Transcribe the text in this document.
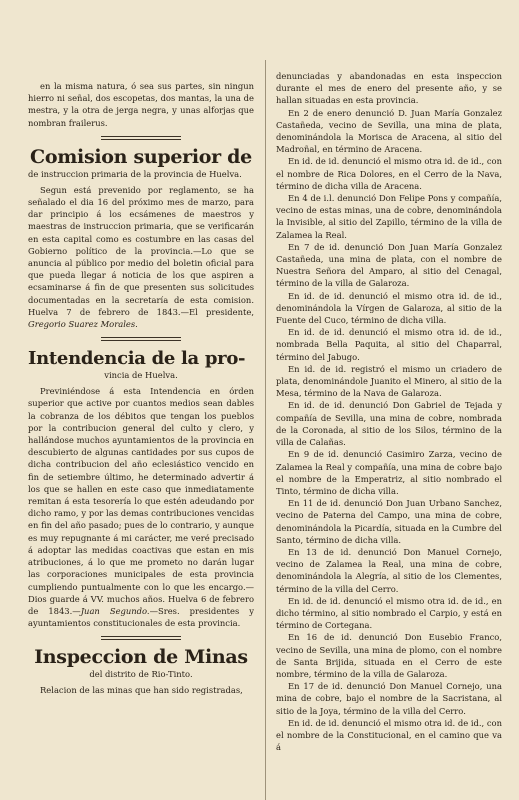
en la misma natura, ó sea sus partes, sin ningun hierro ni señal, dos escopetas, dos mantas, la una de mestra, y la otra de jerga negra, y unas alforjas que nombran frailerus.

Comision superior de
de instruccion primaria de la provincia de Huelva.

Segun está prevenido por reglamento, se ha señalado el dia 16 del próximo mes de marzo, para dar principio á los ecsámenes de maestros y maestras de instruccion primaria, que se verificarán en esta capital como es costumbre en las casas del Gobierno político de la provincia.—Lo que se anuncia al público por medio del boletin oficial para que pueda llegar á noticia de los que aspiren a ecsaminarse á fin de que presenten sus solicitudes documentadas en la secretaría de esta comision. Huelva 7 de febrero de 1843.—El presidente, Gregorio Suarez Morales.

Intendencia de la pro-
vincia de Huelva.

Previniéndose á esta Intendencia en órden superior que active por cuantos medios sean dables la cobranza de los débitos que tengan los pueblos por la contribucion general del culto y clero, y hallándose muchos ayuntamientos de la provincia en descubierto de algunas cantidades por sus cupos de dicha contribucion del año eclesiástico vencido en fin de setiembre último, he determinado advertir á los que se hallen en este caso que inmediatamente remitan á esta tesorería lo que estén adeudando por dicho ramo, y por las demas contribuciones vencidas en fin del año pasado; pues de lo contrario, y aunque es muy repugnante á mi carácter, me veré precisado á adoptar las medidas coactivas que estan en mis atribuciones, á lo que me prometo no darán lugar las corporaciones municipales de esta provincia cumpliendo puntualmente con lo que les encargo.—Dios guarde á VV. muchos años. Huelva 6 de febrero de 1843.—Juan Segundo.—Sres. presidentes y ayuntamientos constitucionales de esta provincia.

Inspeccion de Minas
del distrito de Rio-Tinto.

Relacion de las minas que han sido registradas,

denunciadas y abandonadas en esta inspeccion durante el mes de enero del presente año, y se hallan situadas en esta provincia.

En 2 de enero denunció D. Juan María Gonzalez Castañeda, vecino de Sevilla, una mina de plata, denominándola la Morisca de Aracena, al sitio del Madroñal, en término de Aracena.

En id. de id. denunció el mismo otra id. de id., con el nombre de Rica Dolores, en el Cerro de la Nava, término de dicha villa de Aracena.

En 4 de i.l. denunció Don Felipe Pons y compañía, vecino de estas minas, una de cobre, denominándola la Invisible, al sitio del Zapillo, término de la villa de Zalamea la Real.

En 7 de id. denunció Don Juan María Gonzalez Castañeda, una mina de plata, con el nombre de Nuestra Señora del Amparo, al sitio del Cenagal, término de la villa de Galaroza.

En id. de id. denunció el mismo otra id. de id., denominándola la Vírgen de Galaroza, al sitio de la Fuente del Cuco, término de dicha villa.

En id. de id. denunció el mismo otra id. de id., nombrada Bella Paquita, al sitio del Chaparral, término del Jabugo.

En id. de id. registró el mismo un criadero de plata, denominándole Juanito el Minero, al sitio de la Mesa, término de la Nava de Galaroza.

En id. de id. denunció Don Gabriel de Tejada y compañía de Sevilla, una mina de cobre, nombrada de la Coronada, al sitio de los Silos, término de la villa de Calañas.

En 9 de id. denunció Casimiro Zarza, vecino de Zalamea la Real y compañía, una mina de cobre bajo el nombre de la Emperatriz, al sitio nombrado el Tinto, término de dicha villa.

En 11 de id. denunció Don Juan Urbano Sanchez, vecino de Paterna del Campo, una mina de cobre, denominándola la Picardía, situada en la Cumbre del Santo, término de dicha villa.

En 13 de id. denunció Don Manuel Cornejo, vecino de Zalamea la Real, una mina de cobre, denominándola la Alegría, al sitio de los Clementes, término de la villa del Cerro.

En id. de id. denunció el mismo otra id. de id., en dicho término, al sitio nombrado el Carpio, y está en término de Cortegana.

En 16 de id. denunció Don Eusebio Franco, vecino de Sevilla, una mina de plomo, con el nombre de Santa Brijida, situada en el Cerro de este nombre, término de la villa de Galaroza.

En 17 de id. denunció Don Manuel Cornejo, una mina de cobre, bajo el nombre de la Sacristana, al sitio de la Joya, término de la villa del Cerro.

En id. de id. denunció el mismo otra id. de id., con el nombre de la Constitucional, en el camino que va á
